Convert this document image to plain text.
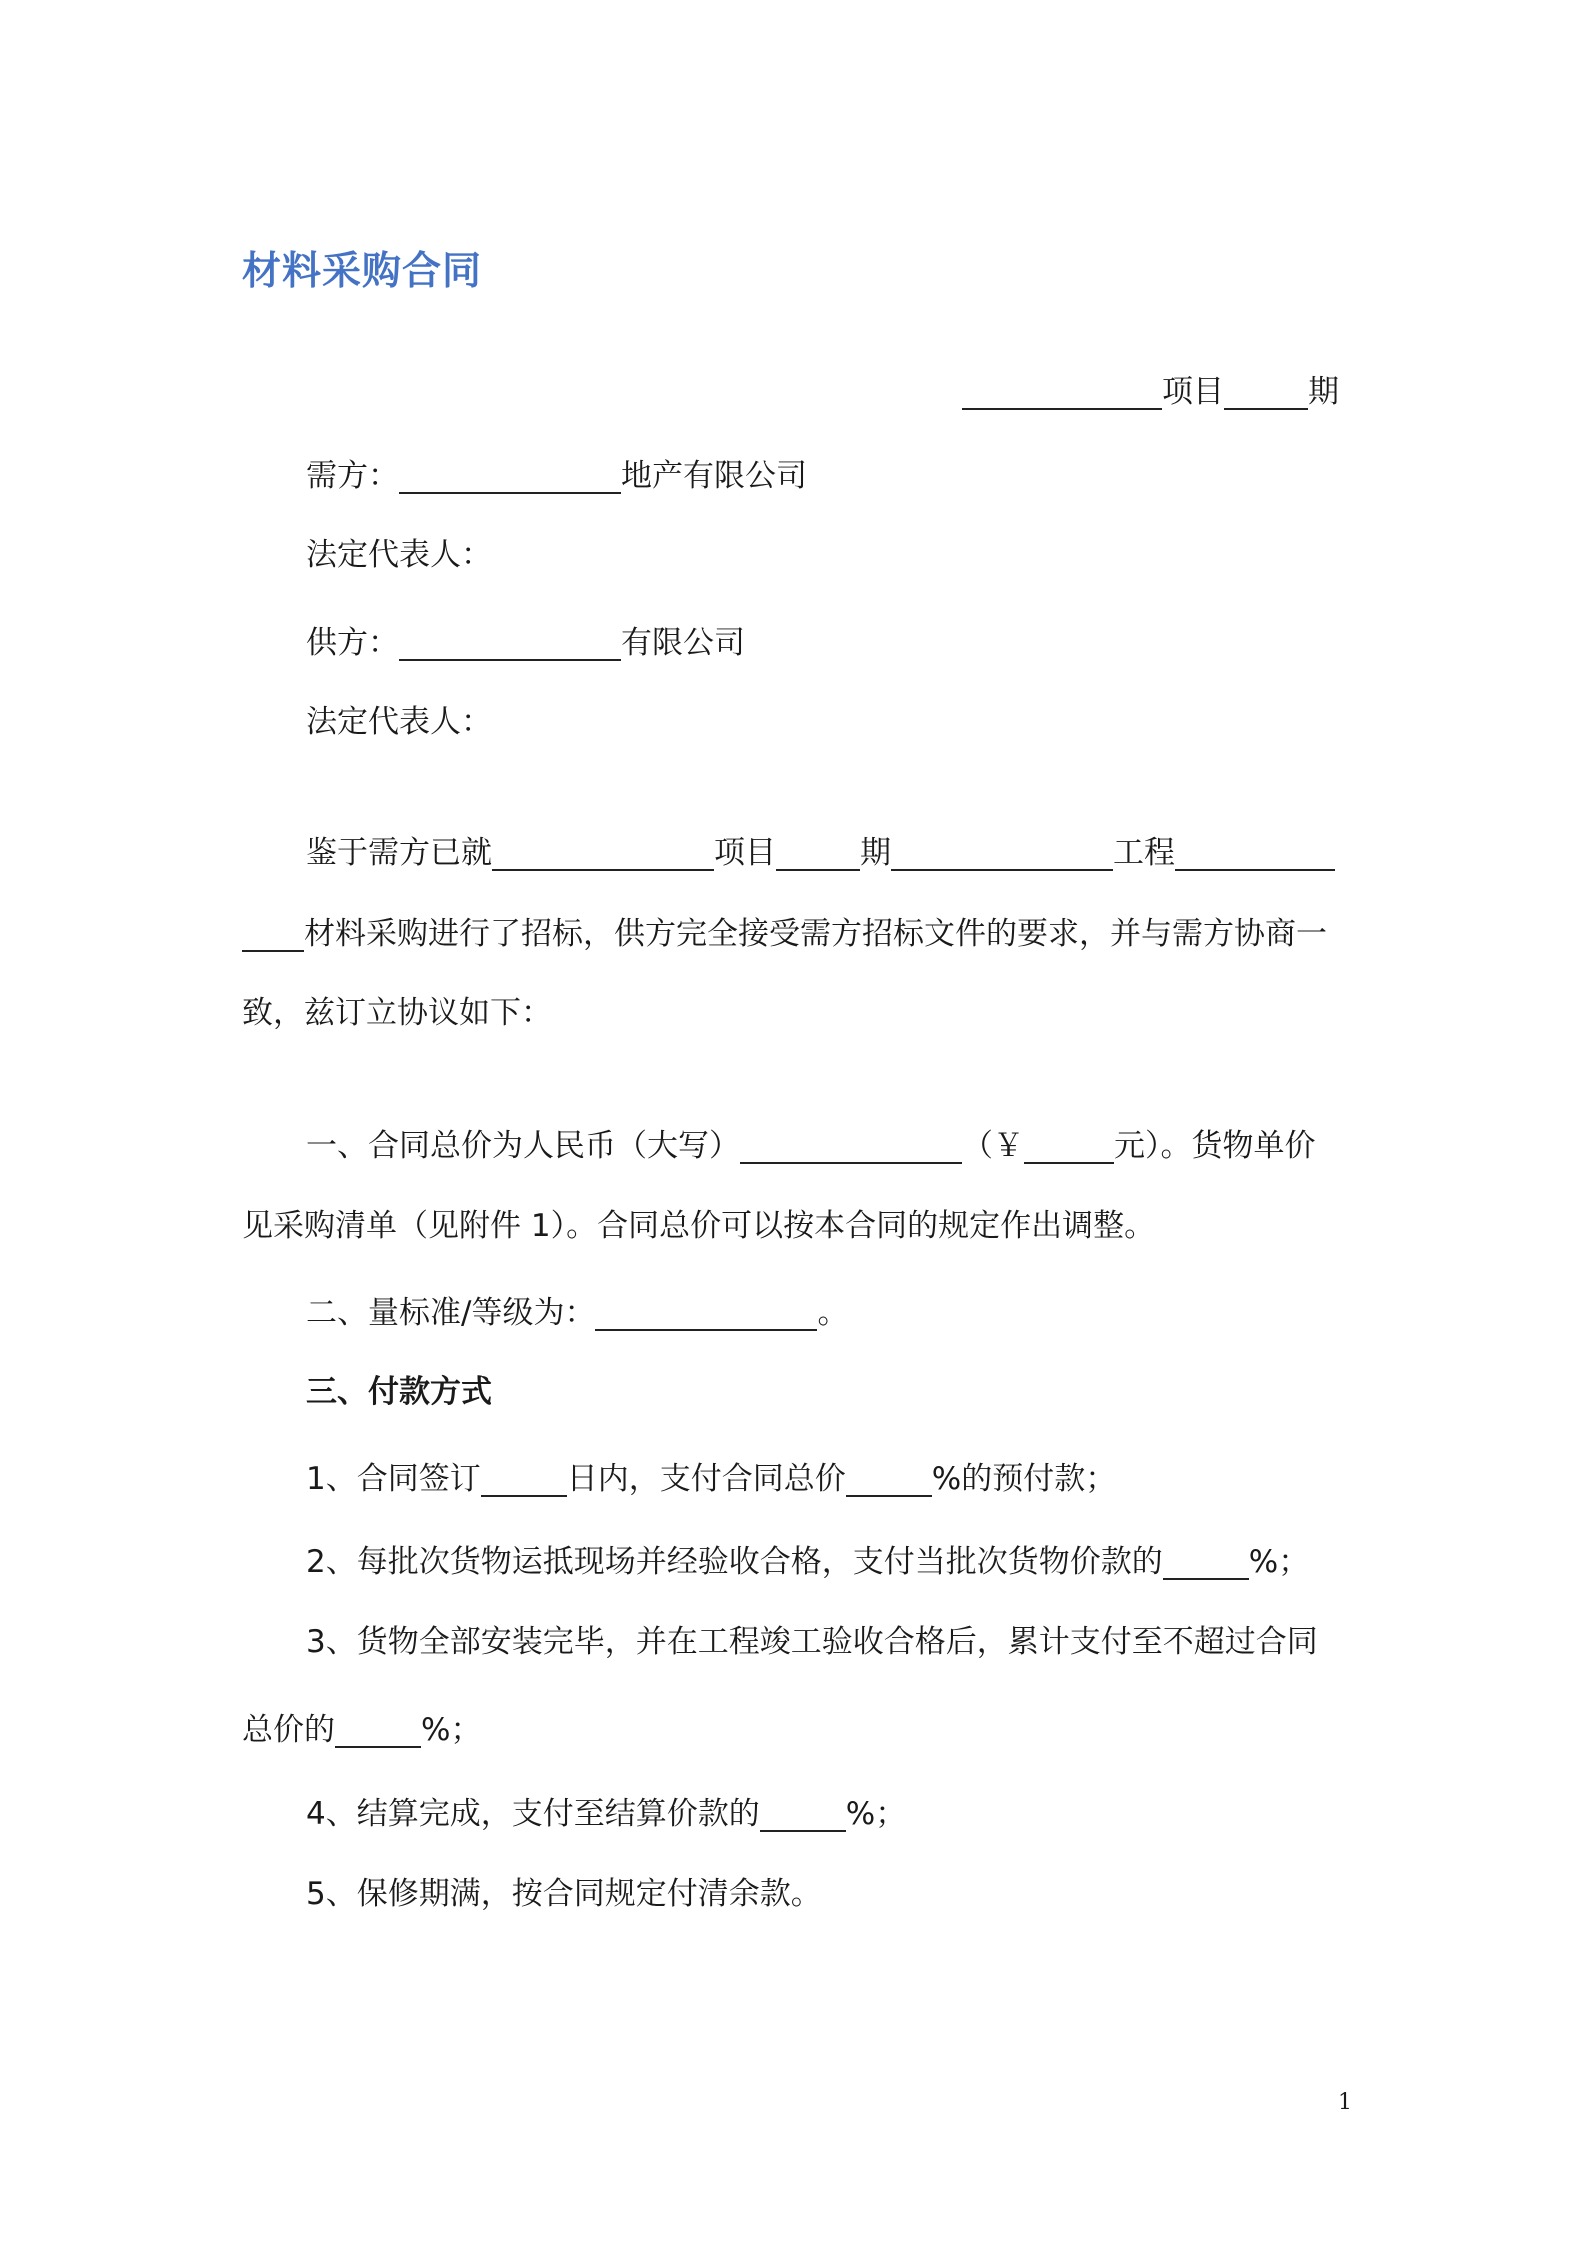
材料采购合同
项目	期
需方：	地产有限公司
法定代表人：
供方：	有限公司
法定代表人：
鉴于需方已就	项目	期	工程
材料采购进行了招标，供方完全接受需方招标文件的要求，并与需方协商一
致，兹订立协议如下：
一、合同总价为人民币（大写）	（￥	元）。货物单价
见采购清单（见附件 1）。合同总价可以按本合同的规定作出调整。
二、量标准/等级为：	。
三、付款方式
1、合同签订	日内，支付合同总价	%的预付款；
2、每批次货物运抵现场并经验收合格，支付当批次货物价款的	%；
3、货物全部安装完毕，并在工程竣工验收合格后，累计支付至不超过合同
总价的	%；
4、结算完成，支付至结算价款的	%；
5、保修期满，按合同规定付清余款。
1
